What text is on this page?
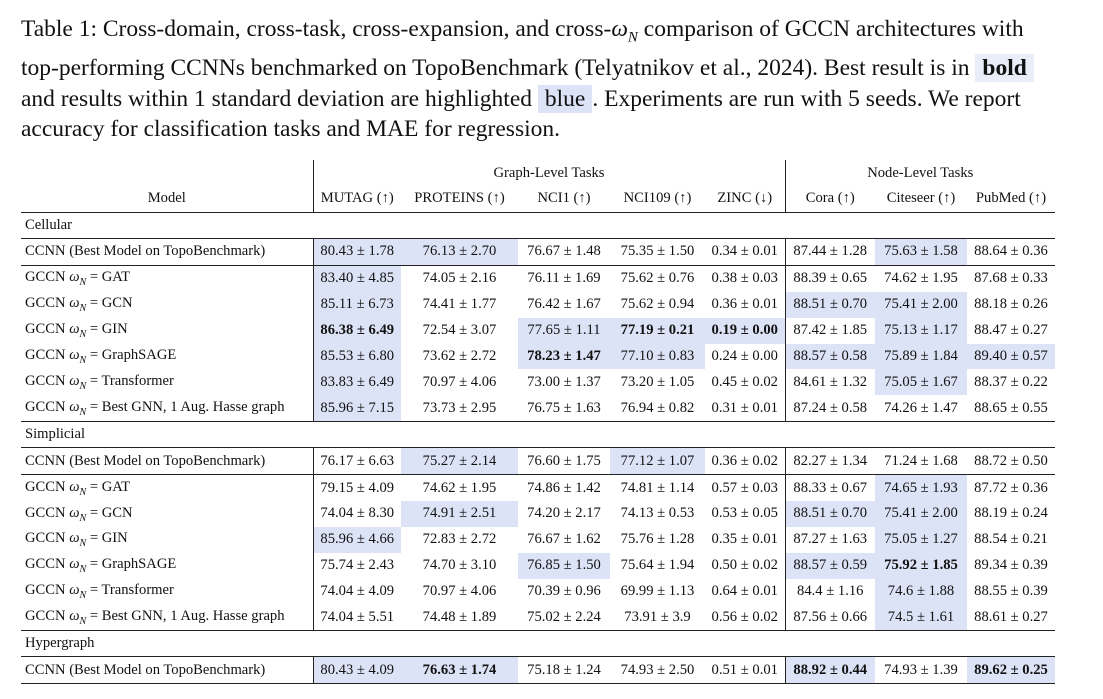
Table 1: Cross-domain, cross-task, cross-expansion, and cross-$\omega_N$ comparison of GCCN architectures with top-performing CCNNs benchmarked on TopoBenchmark (Telyatnikov et al., 2024). Best result is in bold and results within 1 standard deviation are highlighted blue . Experiments are run with 5 seeds. We report accuracy for classification tasks and MAE for regression.
	Graph-Level Tasks					Node-Level Tasks		
Model	MUTAG (↑)	PROTEINS (↑)	NCI1 (↑)	NCI109 (↑)	ZINC (↓)	Cora (↑)	Citeseer (↑)	PubMed (↑)
Cellular								
CCNN (Best Model on TopoBenchmark)	80.43 ± 1.78	76.13 ± 2.70	76.67 ± 1.48	75.35 ± 1.50	0.34 ± 0.01	87.44 ± 1.28	75.63 ± 1.58	88.64 ± 0.36
GCCN $\omega_N$ = GAT	83.40 ± 4.85	74.05 ± 2.16	76.11 ± 1.69	75.62 ± 0.76	0.38 ± 0.03	88.39 ± 0.65	74.62 ± 1.95	87.68 ± 0.33
GCCN $\omega_N$ = GCN	85.11 ± 6.73	74.41 ± 1.77	76.42 ± 1.67	75.62 ± 0.94	0.36 ± 0.01	88.51 ± 0.70	75.41 ± 2.00	88.18 ± 0.26
GCCN $\omega_N$ = GIN	86.38 ± 6.49	72.54 ± 3.07	77.65 ± 1.11	77.19 ± 0.21	0.19 ± 0.00	87.42 ± 1.85	75.13 ± 1.17	88.47 ± 0.27
GCCN $\omega_N$ = GraphSAGE	85.53 ± 6.80	73.62 ± 2.72	78.23 ± 1.47	77.10 ± 0.83	0.24 ± 0.00	88.57 ± 0.58	75.89 ± 1.84	89.40 ± 0.57
GCCN $\omega_N$ = Transformer	83.83 ± 6.49	70.97 ± 4.06	73.00 ± 1.37	73.20 ± 1.05	0.45 ± 0.02	84.61 ± 1.32	75.05 ± 1.67	88.37 ± 0.22
GCCN $\omega_N$ = Best GNN, 1 Aug. Hasse graph	85.96 ± 7.15	73.73 ± 2.95	76.75 ± 1.63	76.94 ± 0.82	0.31 ± 0.01	87.24 ± 0.58	74.26 ± 1.47	88.65 ± 0.55
Simplicial								
CCNN (Best Model on TopoBenchmark)	76.17 ± 6.63	75.27 ± 2.14	76.60 ± 1.75	77.12 ± 1.07	0.36 ± 0.02	82.27 ± 1.34	71.24 ± 1.68	88.72 ± 0.50
GCCN $\omega_N$ = GAT	79.15 ± 4.09	74.62 ± 1.95	74.86 ± 1.42	74.81 ± 1.14	0.57 ± 0.03	88.33 ± 0.67	74.65 ± 1.93	87.72 ± 0.36
GCCN $\omega_N$ = GCN	74.04 ± 8.30	74.91 ± 2.51	74.20 ± 2.17	74.13 ± 0.53	0.53 ± 0.05	88.51 ± 0.70	75.41 ± 2.00	88.19 ± 0.24
GCCN $\omega_N$ = GIN	85.96 ± 4.66	72.83 ± 2.72	76.67 ± 1.62	75.76 ± 1.28	0.35 ± 0.01	87.27 ± 1.63	75.05 ± 1.27	88.54 ± 0.21
GCCN $\omega_N$ = GraphSAGE	75.74 ± 2.43	74.70 ± 3.10	76.85 ± 1.50	75.64 ± 1.94	0.50 ± 0.02	88.57 ± 0.59	75.92 ± 1.85	89.34 ± 0.39
GCCN $\omega_N$ = Transformer	74.04 ± 4.09	70.97 ± 4.06	70.39 ± 0.96	69.99 ± 1.13	0.64 ± 0.01	84.4 ± 1.16	74.6 ± 1.88	88.55 ± 0.39
GCCN $\omega_N$ = Best GNN, 1 Aug. Hasse graph	74.04 ± 5.51	74.48 ± 1.89	75.02 ± 2.24	73.91 ± 3.9	0.56 ± 0.02	87.56 ± 0.66	74.5 ± 1.61	88.61 ± 0.27
Hypergraph								
CCNN (Best Model on TopoBenchmark)	80.43 ± 4.09	76.63 ± 1.74	75.18 ± 1.24	74.93 ± 2.50	0.51 ± 0.01	88.92 ± 0.44	74.93 ± 1.39	89.62 ± 0.25
